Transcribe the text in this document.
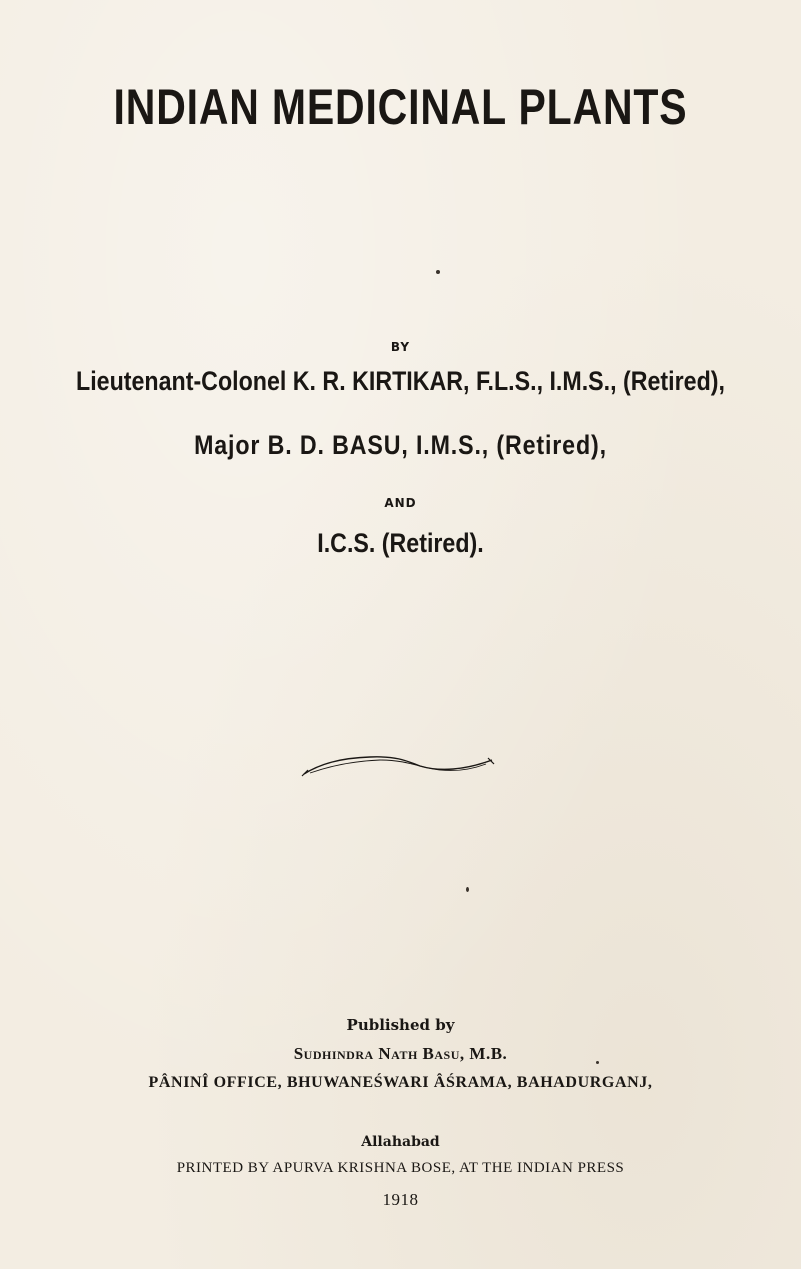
INDIAN MEDICINAL PLANTS
BY
Lieutenant-Colonel K. R. KIRTIKAR, F.L.S., I.M.S., (Retired),
Major B. D. BASU, I.M.S., (Retired),
AND
I.C.S. (Retired).
Published by
Sudhindra Nath Basu, M.B.
PÂNINÎ OFFICE, BHUWANEŚWARI ÂŚRAMA, BAHADURGANJ,
Allahabad
PRINTED BY APURVA KRISHNA BOSE, AT THE INDIAN PRESS
1918
